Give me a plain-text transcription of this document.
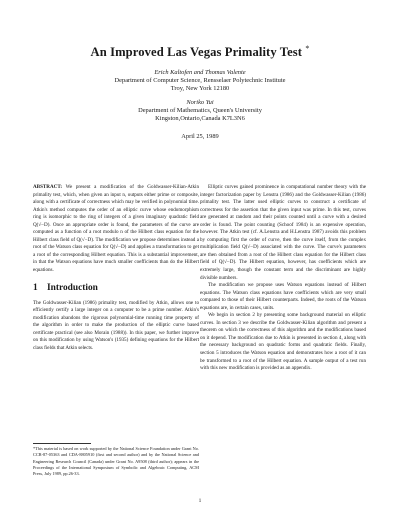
An Improved Las Vegas Primality Test *
Erich Kaltofen and Thomas Valente
Department of Computer Science, Rensselaer Polytechnic Institute
Troy, New York 12180
Noriko Yui
Department of Mathematics, Queen's University
Kingston,Ontario,Canada K7L3N6
April 25, 1989

ABSTRACT: We present a modification of the Goldwasser-Kilian-Atkin primality test, which, when given an input n, outputs either prime or composite, along with a certificate of correctness which may be verified in polynomial time. Atkin's method computes the order of an elliptic curve whose endomorphism ring is isomorphic to the ring of integers of a given imaginary quadratic field Q(√−D). Once an appropriate order is found, the parameters of the curve are computed as a function of a root modulo n of the Hilbert class equation for the Hilbert class field of Q(√−D). The modification we propose determines instead a root of the Watson class equation for Q(√−D) and applies a transformation to get a root of the corresponding Hilbert equation. This is a substantial improvement, in that the Watson equations have much smaller coefficients than do the Hilbert equations.

1 Introduction

The Goldwasser-Kilian (1986) primality test, modified by Atkin, allows one to efficiently certify a large integer on a computer to be a prime number. Atkin's modification abandons the rigorous polynomial-time running time property of the algorithm in order to make the production of the elliptic curve based certificate practical (see also Morain (1988)). In this paper, we further improve on this modification by using Watson's (1935) defining equations for the Hilbert class fields that Atkin selects.

*This material is based on work supported by the National Science Foundation under Grant No. CCR-87-05363 and CDA-8805910 (first and second author) and by the National Science and Engineering Research Council (Canada) under Grant No. A9508 (third author); appears in the Proceedings of the International Symposium of Symbolic and Algebraic Computing, ACM Press, July 1989, pp.26-33.

Elliptic curves gained prominence in computational number theory with the integer factorization paper by Lenstra (1986) and the Goldwasser-Kilian (1986) primality test. The latter used elliptic curves to construct a certificate of correctness for the assertion that the given input was prime. In this test, curves are generated at random and their points counted until a curve with a desired order is found. The point counting (Schoof 1984) is an expensive operation, however. The Atkin test (cf. A.Lenstra and H.Lenstra 1987) avoids this problem by computing first the order of curve, then the curve itself, from the complex multiplication field Q(√−D) associated with the curve. The curve's parameters are then obtained from a root of the Hilbert class equation for the Hilbert class field of Q(√−D). The Hilbert equation, however, has coefficients which are extremely large, though the constant term and the discriminant are highly divisible numbers.

The modification we propose uses Watson equations instead of Hilbert equations. The Watson class equations have coefficients which are very small compared to those of their Hilbert counterparts. Indeed, the roots of the Watson equations are, in certain cases, units.

We begin in section 2 by presenting some background material on elliptic curves. In section 3 we describe the Goldwasser-Kilian algorithm and present a theorem on which the correctness of this algorithm and the modifications based on it depend. The modification due to Atkin is presented in section 4, along with the necessary background on quadratic forms and quadratic fields. Finally, section 5 introduces the Watson equation and demonstrates how a root of it can be transformed to a root of the Hilbert equation. A sample output of a test run with this new modification is provided as an appendix.

1
